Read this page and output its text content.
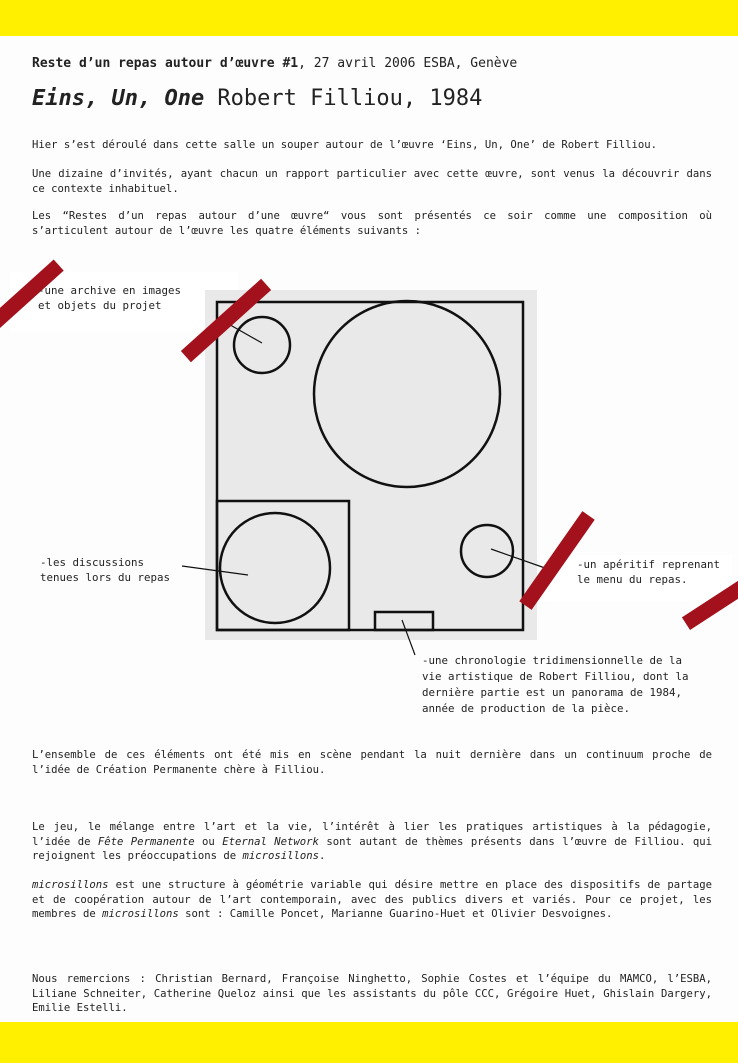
Reste d’un repas autour d’œuvre #1, 27 avril 2006 ESBA, Genève
Eins, Un, One Robert Filliou, 1984
Hier s’est déroulé dans cette salle un souper autour de l’œuvre ‘Eins, Un, One’ de Robert Filliou.
Une dizaine d’invités, ayant chacun un rapport particulier avec cette œuvre, sont venus la découvrir dans ce contexte inhabituel.
Les “Restes d’un repas autour d’une œuvre“ vous sont présentés ce soir comme une composition où s’articulent autour de l’œuvre les quatre éléments suivants :
-une archive en images
et objets du projet
-les discussions
tenues lors du repas
-un apéritif reprenant
le menu du repas.
-une chronologie tridimensionnelle de la
vie artistique de Robert Filliou, dont la
dernière partie est un panorama de 1984,
année de production de la pièce.
L’ensemble de ces éléments ont été mis en scène pendant la nuit dernière dans un continuum proche de l’idée de Création Permanente chère à Filliou.
Le jeu, le mélange entre l’art et la vie, l’intérêt à lier les pratiques artistiques à la pédagogie, l’idée de Fête Permanente ou Eternal Network sont autant de thèmes présents dans l’œuvre de Filliou. qui rejoignent les préoccupations de microsillons.
microsillons est une structure à géométrie variable qui désire mettre en place des dispositifs de partage et de coopération autour de l’art contemporain, avec des publics divers et variés. Pour ce projet, les membres de microsillons sont : Camille Poncet, Marianne Guarino-Huet et Olivier Desvoignes.
Nous remercions : Christian Bernard, Françoise Ninghetto, Sophie Costes et l’équipe du MAMCO, l’ESBA, Liliane Schneiter, Catherine Queloz ainsi que les assistants du pôle CCC, Grégoire Huet, Ghislain Dargery, Emilie Estelli.
